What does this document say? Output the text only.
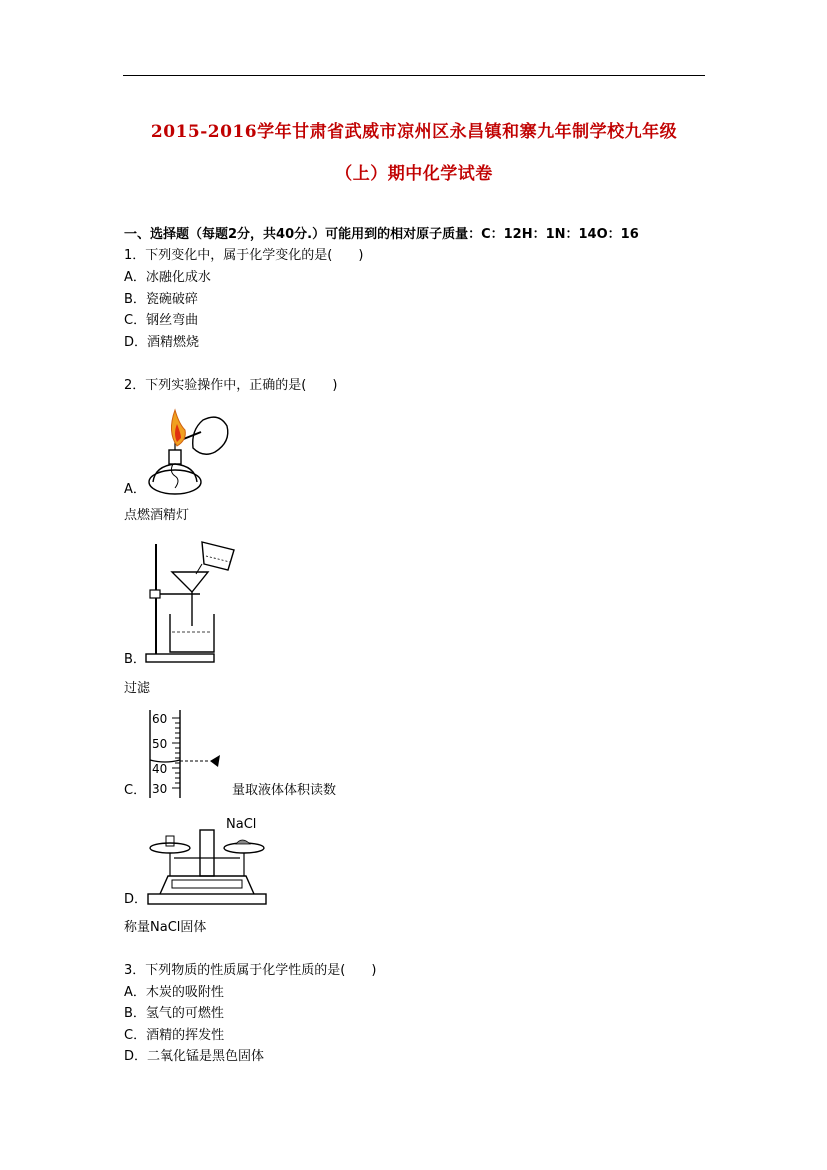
2015-2016学年甘肃省武威市凉州区永昌镇和寨九年制学校九年级
（上）期中化学试卷
一、选择题（每题2分，共40分.）可能用到的相对原子质量：C：12H：1N：14O：16
1．下列变化中，属于化学变化的是(　　)
A．冰融化成水
B．瓷碗破碎
C．钢丝弯曲
D．酒精燃烧
2．下列实验操作中，正确的是(　　)
A．
点燃酒精灯
B．
过滤
60
50
40
30
C．	量取液体体积读数
NaCl
D．
称量NaCl固体
3．下列物质的性质属于化学性质的是(　　)
A．木炭的吸附性
B．氢气的可燃性
C．酒精的挥发性
D．二氧化锰是黑色固体
